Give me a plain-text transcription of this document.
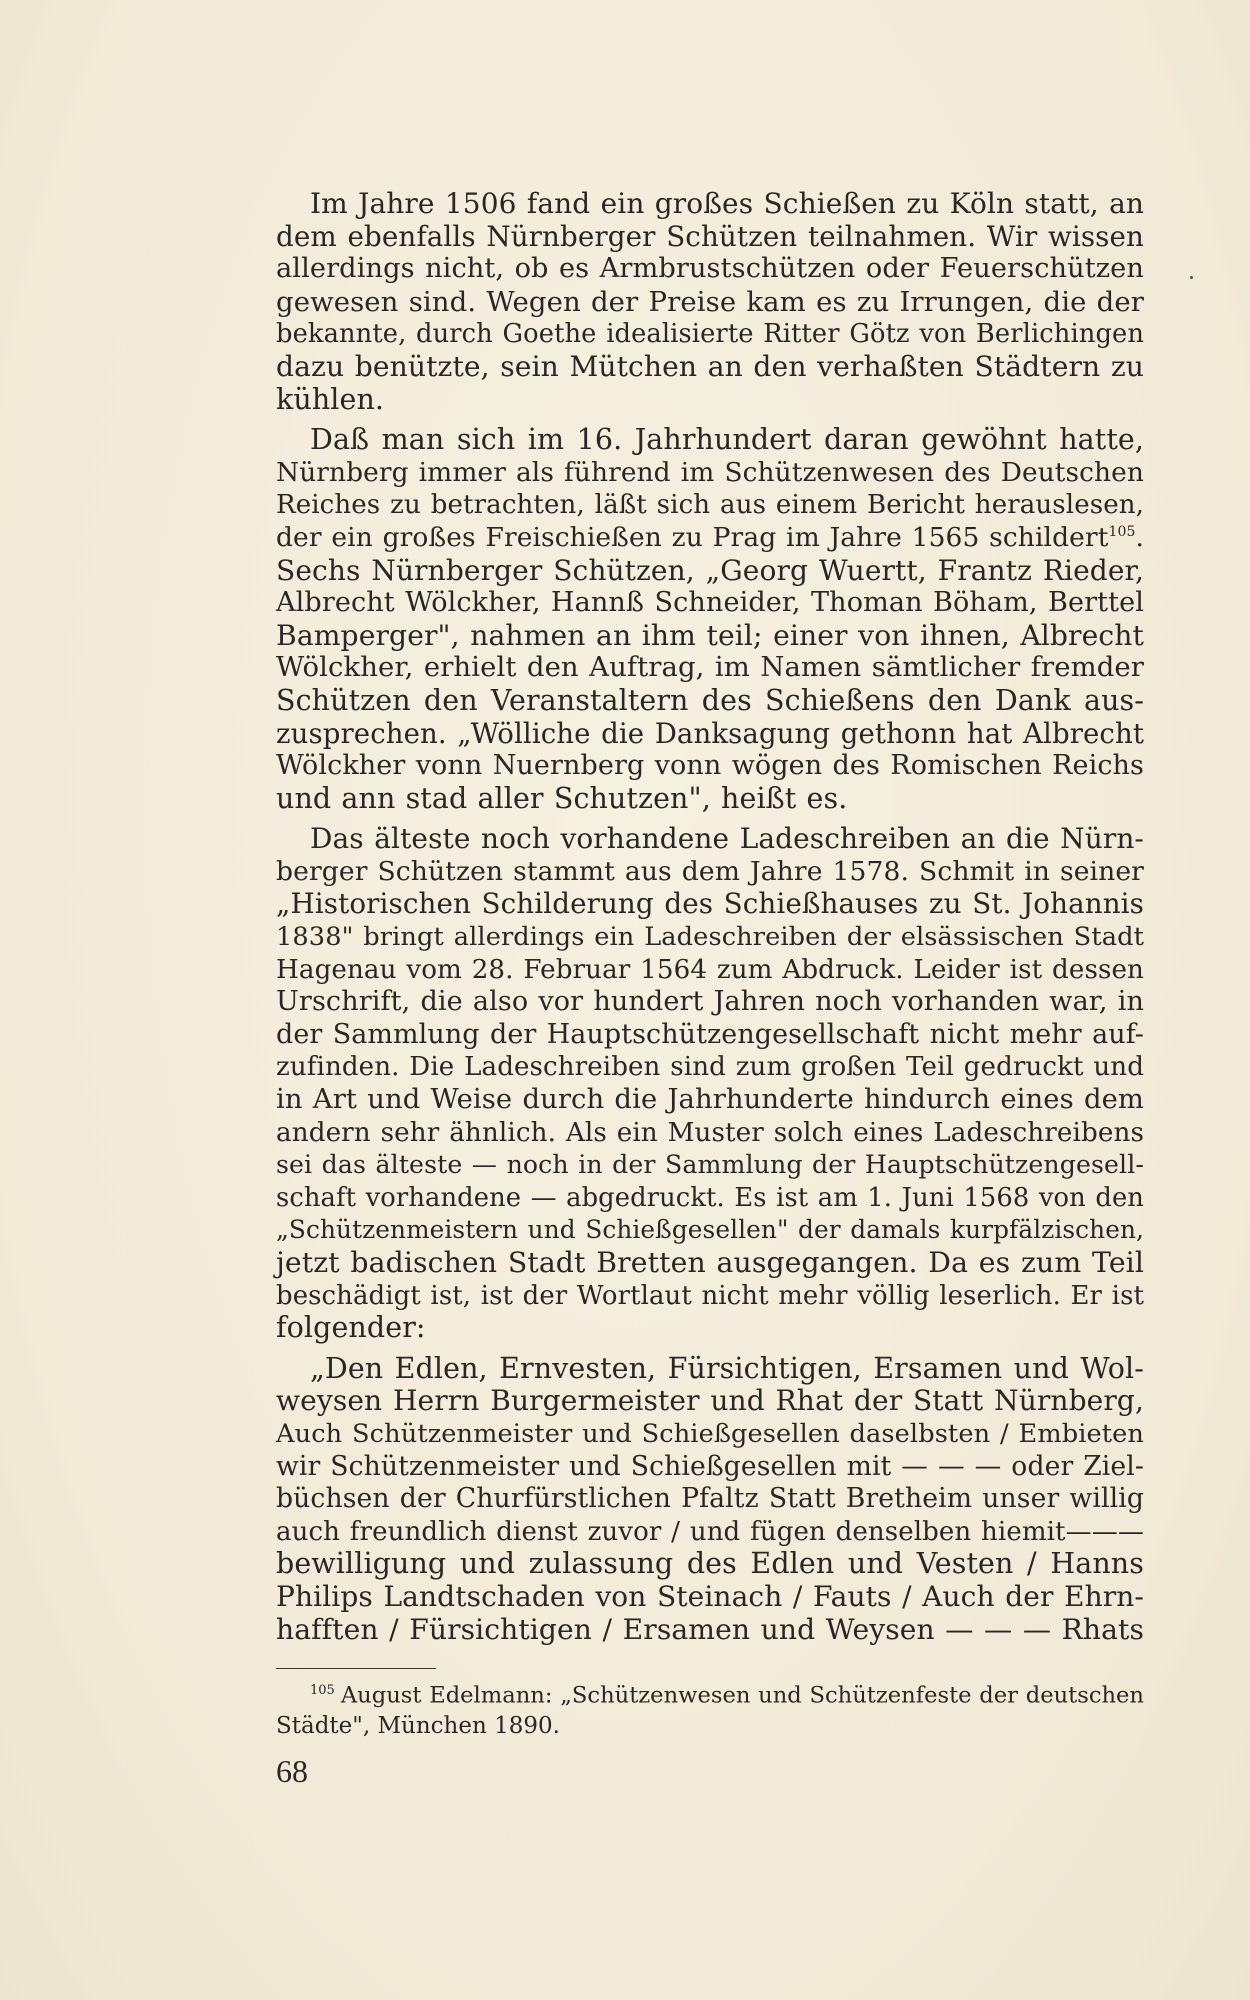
Im Jahre 1506 fand ein großes Schießen zu Köln statt, an
dem ebenfalls Nürnberger Schützen teilnahmen. Wir wissen
allerdings nicht, ob es Armbrustschützen oder Feuerschützen
gewesen sind. Wegen der Preise kam es zu Irrungen, die der
bekannte, durch Goethe idealisierte Ritter Götz von Berlichingen
dazu benützte, sein Mütchen an den verhaßten Städtern zu
kühlen.

Daß man sich im 16. Jahrhundert daran gewöhnt hatte,
Nürnberg immer als führend im Schützenwesen des Deutschen
Reiches zu betrachten, läßt sich aus einem Bericht herauslesen,
der ein großes Freischießen zu Prag im Jahre 1565 schildert$^{105}$.
Sechs Nürnberger Schützen, „Georg Wuertt, Frantz Rieder,
Albrecht Wölckher, Hannß Schneider, Thoman Böham, Berttel
Bamperger", nahmen an ihm teil; einer von ihnen, Albrecht
Wölckher, erhielt den Auftrag, im Namen sämtlicher fremder
Schützen den Veranstaltern des Schießens den Dank aus-
zusprechen. „Wölliche die Danksagung gethonn hat Albrecht
Wölckher vonn Nuernberg vonn wögen des Romischen Reichs
und ann stad aller Schutzen", heißt es.

Das älteste noch vorhandene Ladeschreiben an die Nürn-
berger Schützen stammt aus dem Jahre 1578. Schmit in seiner
„Historischen Schilderung des Schießhauses zu St. Johannis
1838" bringt allerdings ein Ladeschreiben der elsässischen Stadt
Hagenau vom 28. Februar 1564 zum Abdruck. Leider ist dessen
Urschrift, die also vor hundert Jahren noch vorhanden war, in
der Sammlung der Hauptschützengesellschaft nicht mehr auf-
zufinden. Die Ladeschreiben sind zum großen Teil gedruckt und
in Art und Weise durch die Jahrhunderte hindurch eines dem
andern sehr ähnlich. Als ein Muster solch eines Ladeschreibens
sei das älteste — noch in der Sammlung der Hauptschützengesell-
schaft vorhandene — abgedruckt. Es ist am 1. Juni 1568 von den
„Schützenmeistern und Schießgesellen" der damals kurpfälzischen,
jetzt badischen Stadt Bretten ausgegangen. Da es zum Teil
beschädigt ist, ist der Wortlaut nicht mehr völlig leserlich. Er ist
folgender:

„Den Edlen, Ernvesten, Fürsichtigen, Ersamen und Wol-
weysen Herrn Burgermeister und Rhat der Statt Nürnberg,
Auch Schützenmeister und Schießgesellen daselbsten / Embieten
wir Schützenmeister und Schießgesellen mit — — — oder Ziel-
büchsen der Churfürstlichen Pfaltz Statt Bretheim unser willig
auch freundlich dienst zuvor / und fügen denselben hiemit———
bewilligung und zulassung des Edlen und Vesten / Hanns
Philips Landtschaden von Steinach / Fauts / Auch der Ehrn-
hafften / Fürsichtigen / Ersamen und Weysen — — — Rhats

$^{105}$ August Edelmann: „Schützenwesen und Schützenfeste der deutschen
Städte", München 1890.
68
